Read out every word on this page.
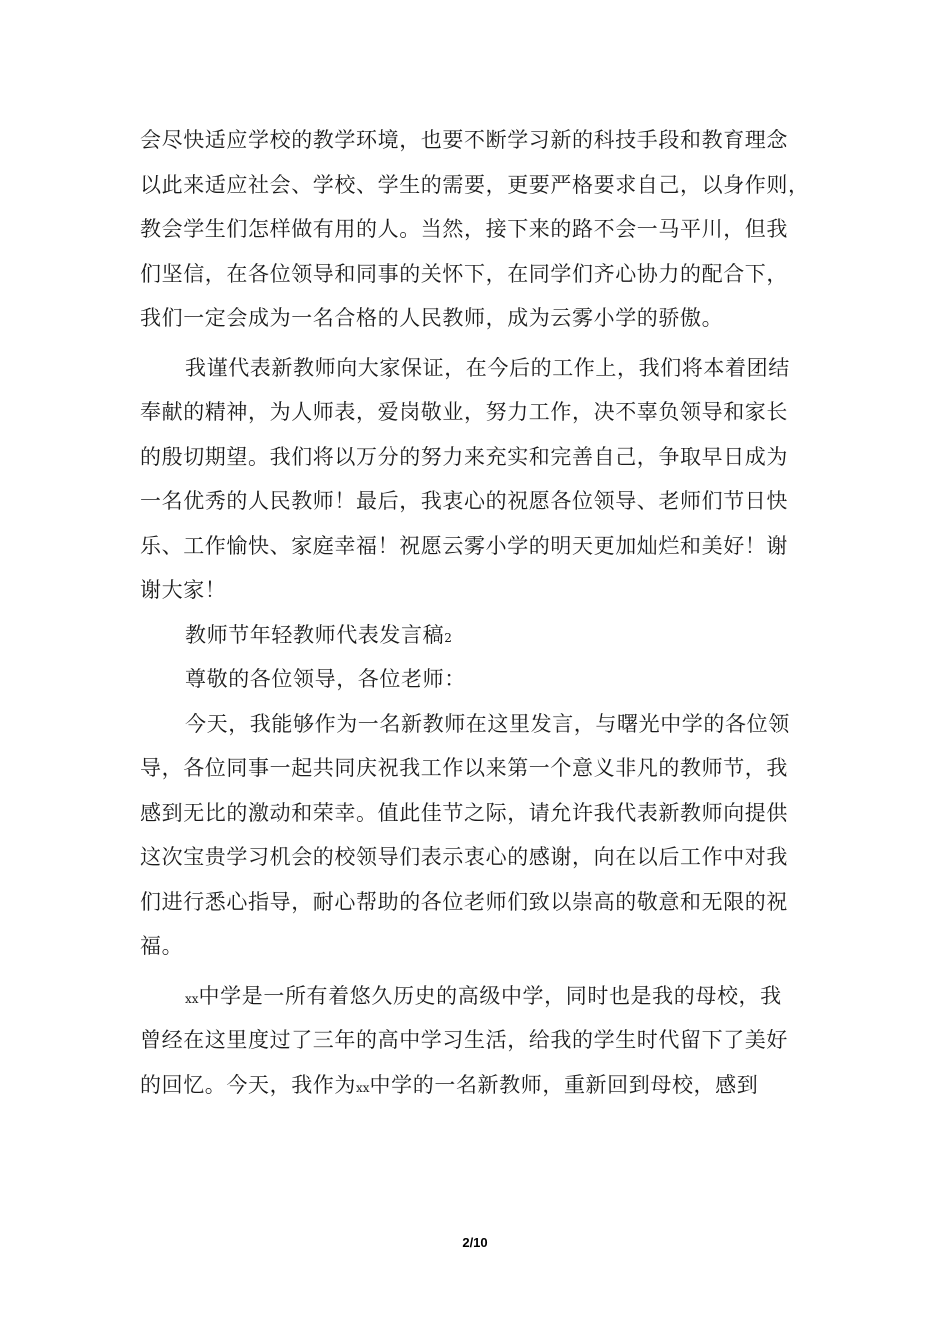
会尽快适应学校的教学环境，也要不断学习新的科技手段和教育理念
以此来适应社会、学校、学生的需要，更要严格要求自己，以身作则，
教会学生们怎样做有用的人。当然，接下来的路不会一马平川，但我
们坚信，在各位领导和同事的关怀下，在同学们齐心协力的配合下，
我们一定会成为一名合格的人民教师，成为云雾小学的骄傲。
我谨代表新教师向大家保证，在今后的工作上，我们将本着团结
奉献的精神，为人师表，爱岗敬业，努力工作，决不辜负领导和家长
的殷切期望。我们将以万分的努力来充实和完善自己，争取早日成为
一名优秀的人民教师！最后，我衷心的祝愿各位领导、老师们节日快
乐、工作愉快、家庭幸福！祝愿云雾小学的明天更加灿烂和美好！谢
谢大家！
教师节年轻教师代表发言稿2
尊敬的各位领导，各位老师：
今天，我能够作为一名新教师在这里发言，与曙光中学的各位领
导，各位同事一起共同庆祝我工作以来第一个意义非凡的教师节，我
感到无比的激动和荣幸。值此佳节之际，请允许我代表新教师向提供
这次宝贵学习机会的校领导们表示衷心的感谢，向在以后工作中对我
们进行悉心指导，耐心帮助的各位老师们致以崇高的敬意和无限的祝
福。
xx中学是一所有着悠久历史的高级中学，同时也是我的母校，我
曾经在这里度过了三年的高中学习生活，给我的学生时代留下了美好
的回忆。今天，我作为xx中学的一名新教师，重新回到母校，感到
2/10
